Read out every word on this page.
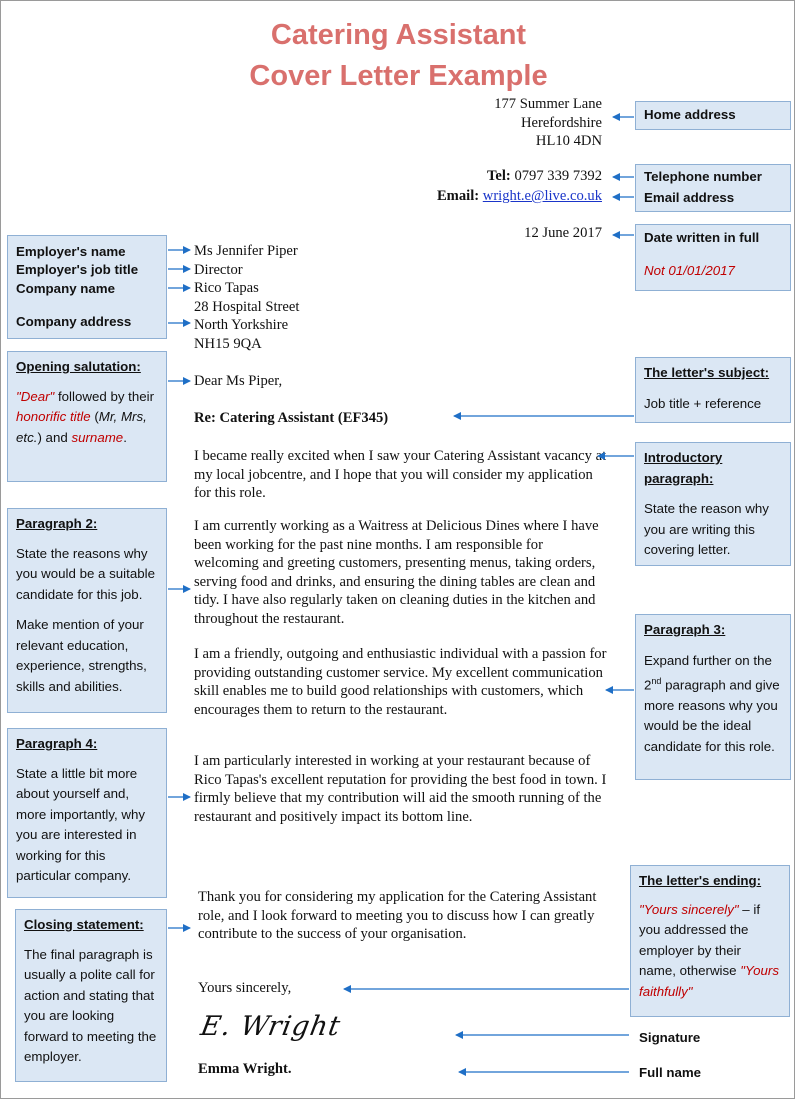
Catering Assistant
Cover Letter Example
177 Summer Lane
Herefordshire
HL10 4DN
Tel: 0797 339 7392
Email: wright.e@live.co.uk
12 June 2017
Ms Jennifer Piper
Director
Rico Tapas
28 Hospital Street
North Yorkshire
NH15 9QA
Dear Ms Piper,
Re: Catering Assistant (EF345)
I became really excited when I saw your Catering Assistant vacancy at my local jobcentre, and I hope that you will consider my application for this role.
I am currently working as a Waitress at Delicious Dines where I have been working for the past nine months. I am responsible for welcoming and greeting customers, presenting menus, taking orders, serving food and drinks, and ensuring the dining tables are clean and tidy. I have also regularly taken on cleaning duties in the kitchen and throughout the restaurant.
I am a friendly, outgoing and enthusiastic individual with a passion for providing outstanding customer service. My excellent communication skill enables me to build good relationships with customers, which encourages them to return to the restaurant.
I am particularly interested in working at your restaurant because of Rico Tapas's excellent reputation for providing the best food in town. I firmly believe that my contribution will aid the smooth running of the restaurant and positively impact its bottom line.
Thank you for considering my application for the Catering Assistant role, and I look forward to meeting you to discuss how I can greatly contribute to the success of your organisation.
Yours sincerely,
E. Wright
Emma Wright.
Home address
Telephone number
Email address

Date written in full

Not 01/01/2017

The letter's subject:

Job title + reference

Introductory paragraph:

State the reason why you are writing this covering letter.

Paragraph 3:

Expand further on the 2nd paragraph and give more reasons why you would be the ideal candidate for this role.

The letter's ending:

"Yours sincerely" – if you addressed the employer by their name, otherwise "Yours faithfully"

Signature

Full name

Employer's name
Employer's job title
Company name
Company address

Opening salutation:

"Dear" followed by their honorific title (Mr, Mrs, etc.) and surname.

Paragraph 2:

State the reasons why you would be a suitable candidate for this job.

Make mention of your relevant education, experience, strengths, skills and abilities.

Paragraph 4:

State a little bit more about yourself and, more importantly, why you are interested in working for this particular company.

Closing statement:

The final paragraph is usually a polite call for action and stating that you are looking forward to meeting the employer.
